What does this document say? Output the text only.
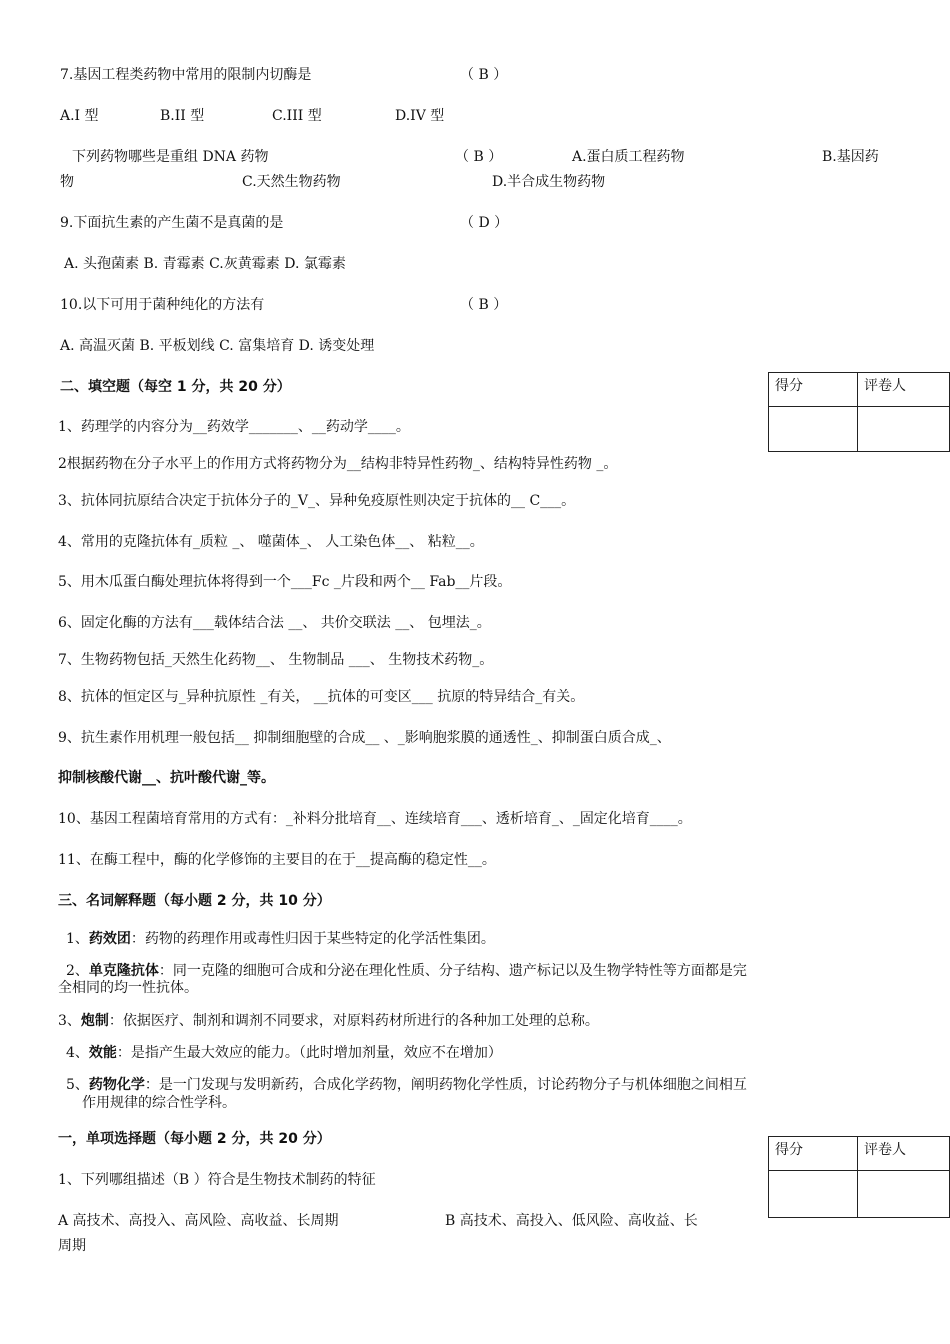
7.基因工程类药物中常用的限制内切酶是	（ B ）
A.I 型	B.II 型	C.III 型	D.IV 型
下列药物哪些是重组 DNA 药物	（ B ）	A.蛋白质工程药物	B.基因药
物	C.天然生物药物	D.半合成生物药物
9.下面抗生素的产生菌不是真菌的是	（ D ）
A. 头孢菌素 B. 青霉素 C.灰黄霉素 D. 氯霉素
10.以下可用于菌种纯化的方法有	（ B ）
A. 高温灭菌 B. 平板划线 C. 富集培育 D. 诱变处理
二、填空题（每空 1 分，共 20 分）	得分	评卷人

1、药理学的内容分为__药效学_______、__药动学____。
2根据药物在分子水平上的作用方式将药物分为__结构非特异性药物_、结构特异性药物 _。
3、抗体同抗原结合决定于抗体分子的_V_、异种免疫原性则决定于抗体的__ C___。
4、常用的克隆抗体有_质粒 _、 噬菌体_、 人工染色体__、 粘粒__。
5、用木瓜蛋白酶处理抗体将得到一个___Fc _片段和两个__ Fab__片段。
6、固定化酶的方法有___载体结合法 __、 共价交联法 __、 包埋法_。
7、生物药物包括_天然生化药物__、 生物制品 ___、 生物技术药物_。
8、抗体的恒定区与_异种抗原性 _有关， __抗体的可变区___ 抗原的特异结合_有关。
9、抗生素作用机理一般包括__ 抑制细胞壁的合成__ 、_影响胞浆膜的通透性_、抑制蛋白质合成_、
抑制核酸代谢__、抗叶酸代谢_等。
10、基因工程菌培育常用的方式有：_补料分批培育__、连续培育___、透析培育_、_固定化培育____。
11、在酶工程中，酶的化学修饰的主要目的在于__提高酶的稳定性__。
三、名词解释题（每小题 2 分，共 10 分）
1、药效团：药物的药理作用或毒性归因于某些特定的化学活性集团。
2、单克隆抗体：同一克隆的细胞可合成和分泌在理化性质、分子结构、遗产标记以及生物学特性等方面都是完
全相同的均一性抗体。
3、炮制：依据医疗、制剂和调剂不同要求，对原料药材所进行的各种加工处理的总称。
4、效能：是指产生最大效应的能力。（此时增加剂量，效应不在增加）
5、药物化学：是一门发现与发明新药，合成化学药物，阐明药物化学性质，讨论药物分子与机体细胞之间相互
作用规律的综合性学科。
一，单项选择题（每小题 2 分，共 20 分）
得分	评卷人

1、下列哪组描述（B ）符合是生物技术制药的特征
A 高技术、高投入、高风险、高收益、长周期	B 高技术、高投入、低风险、高收益、长
周期
